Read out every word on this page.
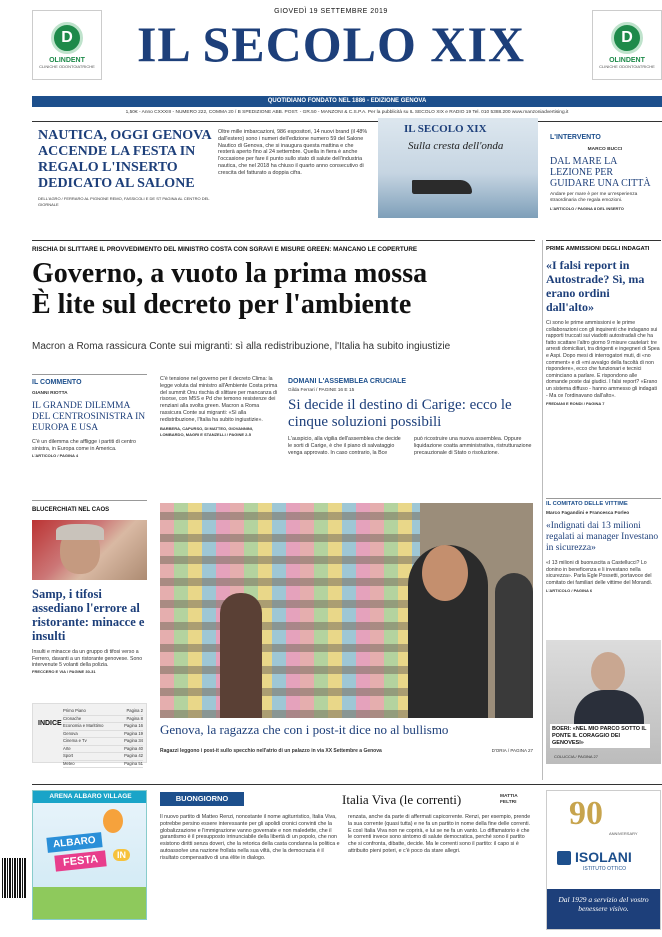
D
OLINDENT
CLINICHE ODONTOIATRICHE
D
OLINDENT
CLINICHE ODONTOIATRICHE
GIOVEDÌ 19 SETTEMBRE 2019
IL SECOLO XIX
QUOTIDIANO FONDATO NEL 1886 - EDIZIONE GENOVA
1,50€ - Anno CXXXIII - NUMERO 222, COMMA 20 / B SPEDIZIONE ABB. POST. - GR.50 - MANZONI & C.S.P.A. Per la pubblicità su IL SECOLO XIX e RADIO 19 Tel. 010 5388.200 www.manzoniadvertising.it
NAUTICA, OGGI GENOVA ACCENDE LA FESTA IN REGALO L'INSERTO DEDICATO AL SALONE
DELL'AGRO / FERRARO AL PIGNONE REMO, FASSICOLI E DE ST PAGINA AL CENTRO DEL GIORNALE
Oltre mille imbarcazioni, 986 espositori, 14 nuovi brand (il 48% dall'estero) sono i numeri dell'edizione numero 59 del Salone Nautico di Genova, che si inaugura questa mattina e che resterà aperto fino al 24 settembre. Quella in fiera è anche l'occasione per fare il punto sullo stato di salute dell'industria nautica, che nel 2018 ha chiuso il quarto anno consecutivo di crescita del fatturato a doppia cifra.
IL SECOLO XIX
Sulla cresta dell'onda
L'INTERVENTO
MARCO BUCCI
DAL MARE LA LEZIONE PER GUIDARE UNA CITTÀ
Andare per mare è per me un'esperienza straordinaria che regala emozioni.
L'ARTICOLO / PAGINA 8 DEL INSERTO
RISCHIA DI SLITTARE IL PROVVEDIMENTO DEL MINISTRO COSTA CON SGRAVI E MISURE GREEN: MANCANO LE COPERTURE
Governo, a vuoto la prima mossa
È lite sul decreto per l'ambiente
Macron a Roma rassicura Conte sui migranti: sì alla redistribuzione, l'Italia ha subito ingiustizie
IL COMMENTO
GIANNI RIOTTA
IL GRANDE DILEMMA DEL CENTROSINISTRA IN EUROPA E USA
C'è un dilemma che affligge i partiti di centro sinistra, in Europa come in America.
L'ARTICOLO / PAGINA 4
C'è tensione nel governo per il decreto Clima: la legge voluta dal ministro all'Ambiente Costa prima del summit Onu rischia di slittare per mancanza di risorse, con M5S e Pd che temono resistenze dei renziani alla svolta green. Macron a Roma rassicura Conte sui migranti: «Sì alla redistribuzione, l'Italia ha subito ingiustizie».
BARBERA, CAPURSO, DI MATTEO, GIOVANNINI, LOMBARDO, MAGRI E STANZELLI / PAGINE 2-5
DOMANI L'ASSEMBLEA CRUCIALE
Gilda Ferrari / PAGINE 16 E 15
Si decide il destino di Carige: ecco le cinque soluzioni possibili
L'auspicio, alla vigilia dell'assemblea che decide le sorti di Carige, è che il piano di salvataggio venga approvato. In caso contrario, la Bce
può ricostruire una nuova assemblea. Oppure liquidazione coatta amministrativa, ristrutturazione precauzionale di Stato o risoluzione.
PRIME AMMISSIONI DEGLI INDAGATI
«I falsi report in Autostrade? Sì, ma erano ordini dall'alto»
Ci sono le prime ammissioni e le prime collaborazioni con gli inquirenti che indagano sui rapporti truccati sui viadotti autostradali che ha fatto scattare l'altro giorno 9 misure cautelari: tre arresti domiciliari, tra dirigenti e ingegneri di Spea e Aspi. Dopo mesi di interrogatori muti, di «no comment» e di «mi avvalgo della facoltà di non rispondere», ecco che funzionari e tecnici cominciano a parlare. E rispondono alle domande poste dai giudici. I falsi report? «Erano un sistema diffuso - hanno ammesso gli indagati - Ma ce l'ordinavano dall'alto».
FREDIANI E RONDI / PAGINA 7
IL COMITATO DELLE VITTIME
Marco Fagandini e Francesca Forleo
«Indignati dai 13 milioni regalati ai manager Investano in sicurezza»
«I 13 milioni di buonuscita a Castellucci? Lo donino in beneficenza e li investano nella sicurezza». Parla Egle Possetti, portavoce del comitato dei familiari delle vittime del Morandi.
L'ARTICOLO / PAGINA 6
BOERI: «NEL MIO PARCO SOTTO IL PONTE IL CORAGGIO DEI GENOVESI»
COLUCCIA / PAGINA 27
BLUCERCHIATI NEL CAOS
Samp, i tifosi assediano l'errore al ristorante: minacce e insulti
Insulti e minacce da un gruppo di tifosi verso a Ferrero, davanti a un ristorante genovese. Sono intervenute 5 volanti della polizia.
FRECCERO E VIA / PAGINE 30-31
INDICE
Primo Piano	Pagina 2
Cronache	Pagina 8
Economia e Marittimo	Pagina 16
Genova	Pagina 19
Cinema e Tv	Pagina 34
Arte	Pagina 40
Sport	Pagina 42
Meteo	Pagina 51
Genova, la ragazza che con i post-it dice no al bullismo
Ragazzi leggono i post-it sullo specchio nell'atrio di un palazzo in via XX Settembre a Genova	D'ORIA / PAGINA 27
ARENA ALBARO VILLAGE
ALBARO
FESTA	IN
BUONGIORNO	Italia Viva (le correnti)	MATTIA FELTRI
Il nuovo partito di Matteo Renzi, nonostante il nome agiturristico, Italia Viva, potrebbe persino essere interessante per gli apolidi cronici convinti che la globalizzazione e l'immigrazione vanno governate e non maledette, che il garantismo è il presupposto irrinunciabile della libertà di un popolo, che non esistono diritti senza doveri, che la retorica della casta condanna la politica e autoassolve una nazione frollata nella sua viltà, che la democrazia è il risultato compensativo di una élite in dialogo.
renzata, anche da parte di affermati capicorrente. Renzi, per esempio, prende la sua corrente (quasi tutta) e ne fa un partito in nome della fine delle correnti. E così Italia Viva non ne coprirà, e lui se ne fa un vanto. Lo diffamatorio è che le correnti invece sono sintomo di salute democratica, perché sono il partito che si confronta, dibatte, decide. Ma le correnti sono il partito: il capo si è attribuito pieni poteri, e c'è poco da stare allegri.
90
ANNIVERSARY
ISOLANI
ISTITUTO OTTICO
Dal 1929 a servizio del vostro benessere visivo.
